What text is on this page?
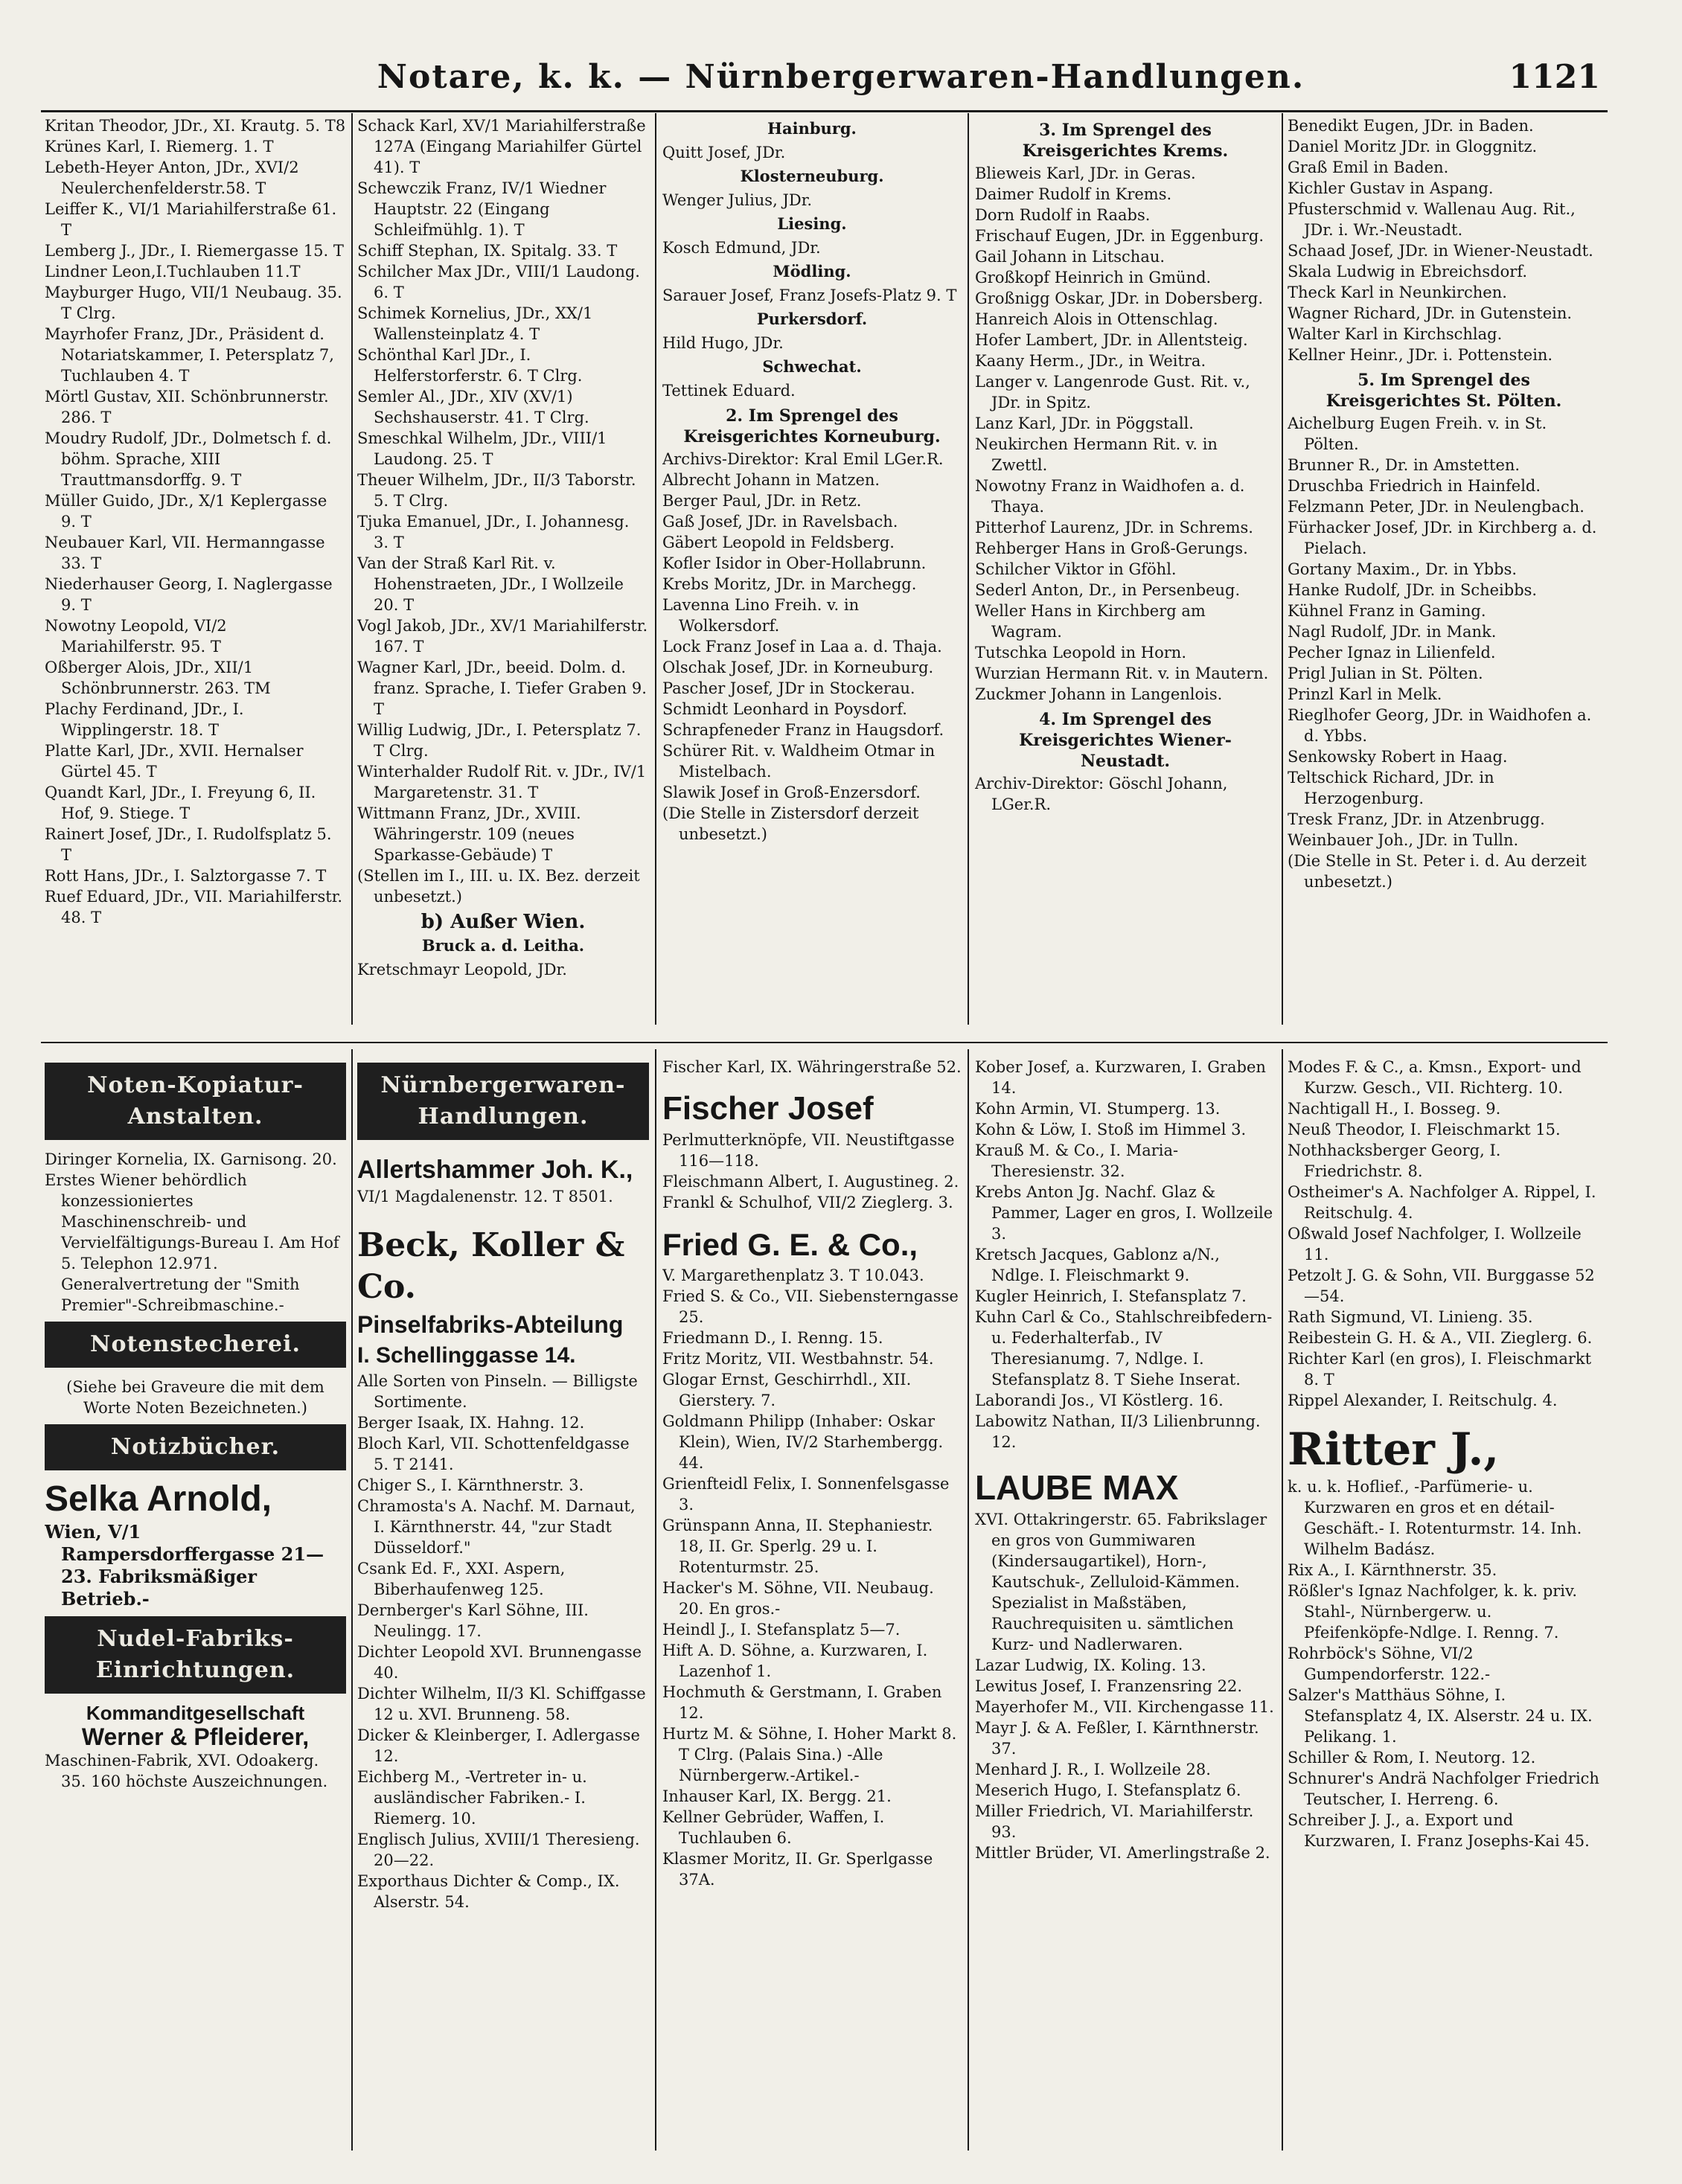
Notare, k. k. — Nürnbergerwaren-Handlungen.	1121

Kritan Theodor, JDr., XI. Krautg. 5. T8

Krünes Karl, I. Riemerg. 1. T

Lebeth-Heyer Anton, JDr., XVI/2 Neulerchenfelderstr.58. T

Leiffer K., VI/1 Mariahilferstraße 61. T

Lemberg J., JDr., I. Riemergasse 15. T

Lindner Leon,I.Tuchlauben 11.T

Mayburger Hugo, VII/1 Neubaug. 35. T Clrg.

Mayrhofer Franz, JDr., Präsident d. Notariatskammer, I. Petersplatz 7, Tuchlauben 4. T

Mörtl Gustav, XII. Schönbrunnerstr. 286. T

Moudry Rudolf, JDr., Dolmetsch f. d. böhm. Sprache, XIII Trauttmansdorffg. 9. T

Müller Guido, JDr., X/1 Keplergasse 9. T

Neubauer Karl, VII. Hermanngasse 33. T

Niederhauser Georg, I. Naglergasse 9. T

Nowotny Leopold, VI/2 Mariahilferstr. 95. T

Oßberger Alois, JDr., XII/1 Schönbrunnerstr. 263. TM

Plachy Ferdinand, JDr., I. Wipplingerstr. 18. T

Platte Karl, JDr., XVII. Hernalser Gürtel 45. T

Quandt Karl, JDr., I. Freyung 6, II. Hof, 9. Stiege. T

Rainert Josef, JDr., I. Rudolfsplatz 5. T

Rott Hans, JDr., I. Salztorgasse 7. T

Ruef Eduard, JDr., VII. Mariahilferstr. 48. T

Schack Karl, XV/1 Mariahilferstraße 127A (Eingang Mariahilfer Gürtel 41). T

Schewczik Franz, IV/1 Wiedner Hauptstr. 22 (Eingang Schleifmühlg. 1). T

Schiff Stephan, IX. Spitalg. 33. T

Schilcher Max JDr., VIII/1 Laudong. 6. T

Schimek Kornelius, JDr., XX/1 Wallensteinplatz 4. T

Schönthal Karl JDr., I. Helferstorferstr. 6. T Clrg.

Semler Al., JDr., XIV (XV/1) Sechshauserstr. 41. T Clrg.

Smeschkal Wilhelm, JDr., VIII/1 Laudong. 25. T

Theuer Wilhelm, JDr., II/3 Taborstr. 5. T Clrg.

Tjuka Emanuel, JDr., I. Johannesg. 3. T

Van der Straß Karl Rit. v. Hohenstraeten, JDr., I Wollzeile 20. T

Vogl Jakob, JDr., XV/1 Mariahilferstr. 167. T

Wagner Karl, JDr., beeid. Dolm. d. franz. Sprache, I. Tiefer Graben 9. T

Willig Ludwig, JDr., I. Petersplatz 7. T Clrg.

Winterhalder Rudolf Rit. v. JDr., IV/1 Margaretenstr. 31. T

Wittmann Franz, JDr., XVIII. Währingerstr. 109 (neues Sparkasse-Gebäude) T

(Stellen im I., III. u. IX. Bez. derzeit unbesetzt.)

b) Außer Wien.
Bruck a. d. Leitha.

Kretschmayr Leopold, JDr.

Hainburg.

Quitt Josef, JDr.

Klosterneuburg.

Wenger Julius, JDr.

Liesing.

Kosch Edmund, JDr.

Mödling.

Sarauer Josef, Franz Josefs-Platz 9. T

Purkersdorf.

Hild Hugo, JDr.

Schwechat.

Tettinek Eduard.

2. Im Sprengel des Kreisgerichtes Korneuburg.

Archivs-Direktor: Kral Emil LGer.R.

Albrecht Johann in Matzen.

Berger Paul, JDr. in Retz.

Gaß Josef, JDr. in Ravelsbach.

Gäbert Leopold in Feldsberg.

Kofler Isidor in Ober-Hollabrunn.

Krebs Moritz, JDr. in Marchegg.

Lavenna Lino Freih. v. in Wolkersdorf.

Lock Franz Josef in Laa a. d. Thaja.

Olschak Josef, JDr. in Korneuburg.

Pascher Josef, JDr in Stockerau.

Schmidt Leonhard in Poysdorf.

Schrapfeneder Franz in Haugsdorf.

Schürer Rit. v. Waldheim Otmar in Mistelbach.

Slawik Josef in Groß-Enzersdorf.

(Die Stelle in Zistersdorf derzeit unbesetzt.)

3. Im Sprengel des Kreisgerichtes Krems.

Blieweis Karl, JDr. in Geras.

Daimer Rudolf in Krems.

Dorn Rudolf in Raabs.

Frischauf Eugen, JDr. in Eggenburg.

Gail Johann in Litschau.

Großkopf Heinrich in Gmünd.

Großnigg Oskar, JDr. in Dobersberg.

Hanreich Alois in Ottenschlag.

Hofer Lambert, JDr. in Allentsteig.

Kaany Herm., JDr., in Weitra.

Langer v. Langenrode Gust. Rit. v., JDr. in Spitz.

Lanz Karl, JDr. in Pöggstall.

Neukirchen Hermann Rit. v. in Zwettl.

Nowotny Franz in Waidhofen a. d. Thaya.

Pitterhof Laurenz, JDr. in Schrems.

Rehberger Hans in Groß-Gerungs.

Schilcher Viktor in Gföhl.

Sederl Anton, Dr., in Persenbeug.

Weller Hans in Kirchberg am Wagram.

Tutschka Leopold in Horn.

Wurzian Hermann Rit. v. in Mautern.

Zuckmer Johann in Langenlois.

4. Im Sprengel des Kreisgerichtes Wiener-Neustadt.

Archiv-Direktor: Göschl Johann, LGer.R.

Benedikt Eugen, JDr. in Baden.

Daniel Moritz JDr. in Gloggnitz.

Graß Emil in Baden.

Kichler Gustav in Aspang.

Pfusterschmid v. Wallenau Aug. Rit., JDr. i. Wr.-Neustadt.

Schaad Josef, JDr. in Wiener-Neustadt.

Skala Ludwig in Ebreichsdorf.

Theck Karl in Neunkirchen.

Wagner Richard, JDr. in Gutenstein.

Walter Karl in Kirchschlag.

Kellner Heinr., JDr. i. Pottenstein.

5. Im Sprengel des Kreisgerichtes St. Pölten.

Aichelburg Eugen Freih. v. in St. Pölten.

Brunner R., Dr. in Amstetten.

Druschba Friedrich in Hainfeld.

Felzmann Peter, JDr. in Neulengbach.

Fürhacker Josef, JDr. in Kirchberg a. d. Pielach.

Gortany Maxim., Dr. in Ybbs.

Hanke Rudolf, JDr. in Scheibbs.

Kühnel Franz in Gaming.

Nagl Rudolf, JDr. in Mank.

Pecher Ignaz in Lilienfeld.

Prigl Julian in St. Pölten.

Prinzl Karl in Melk.

Rieglhofer Georg, JDr. in Waidhofen a. d. Ybbs.

Senkowsky Robert in Haag.

Teltschick Richard, JDr. in Herzogenburg.

Tresk Franz, JDr. in Atzenbrugg.

Weinbauer Joh., JDr. in Tulln.

(Die Stelle in St. Peter i. d. Au derzeit unbesetzt.)

Noten-Kopiatur-Anstalten.

Diringer Kornelia, IX. Garnisong. 20.

Erstes Wiener behördlich konzessioniertes Maschinenschreib- und Vervielfältigungs-Bureau I. Am Hof 5. Telephon 12.971. Generalvertretung der "Smith Premier"-Schreibmaschine.-

Notenstecherei.

(Siehe bei Graveure die mit dem Worte Noten Bezeichneten.)

Notizbücher.
Selka Arnold,

Wien, V/1 Rampersdorffergasse 21—23. Fabriksmäßiger Betrieb.-

Nudel-Fabriks-Einrichtungen.
Kommanditgesellschaft
Werner & Pfleiderer,

Maschinen-Fabrik, XVI. Odoakerg. 35. 160 höchste Auszeichnungen.

Nürnbergerwaren-Handlungen.
Allertshammer Joh. K.,

VI/1 Magdalenenstr. 12. T 8501.

Beck, Koller & Co.
Pinselfabriks-Abteilung
I. Schellinggasse 14.

Alle Sorten von Pinseln. — Billigste Sortimente.

Berger Isaak, IX. Hahng. 12.

Bloch Karl, VII. Schottenfeldgasse 5. T 2141.

Chiger S., I. Kärnthnerstr. 3.

Chramosta's A. Nachf. M. Darnaut, I. Kärnthnerstr. 44, "zur Stadt Düsseldorf."

Csank Ed. F., XXI. Aspern, Biberhaufenweg 125.

Dernberger's Karl Söhne, III. Neulingg. 17.

Dichter Leopold XVI. Brunnengasse 40.

Dichter Wilhelm, II/3 Kl. Schiffgasse 12 u. XVI. Brunneng. 58.

Dicker & Kleinberger, I. Adlergasse 12.

Eichberg M., -Vertreter in- u. ausländischer Fabriken.- I. Riemerg. 10.

Englisch Julius, XVIII/1 Theresieng. 20—22.

Exporthaus Dichter & Comp., IX. Alserstr. 54.

Fischer Karl, IX. Währingerstraße 52.

Fischer Josef

Perlmutterknöpfe, VII. Neustiftgasse 116—118.

Fleischmann Albert, I. Augustineg. 2.

Frankl & Schulhof, VII/2 Zieglerg. 3.

Fried G. E. & Co.,

V. Margarethenplatz 3. T 10.043.

Fried S. & Co., VII. Siebensterngasse 25.

Friedmann D., I. Renng. 15.

Fritz Moritz, VII. Westbahnstr. 54.

Glogar Ernst, Geschirrhdl., XII. Gierstery. 7.

Goldmann Philipp (Inhaber: Oskar Klein), Wien, IV/2 Starhembergg. 44.

Grienfteidl Felix, I. Sonnenfelsgasse 3.

Grünspann Anna, II. Stephaniestr. 18, II. Gr. Sperlg. 29 u. I. Rotenturmstr. 25.

Hacker's M. Söhne, VII. Neubaug. 20. En gros.-

Heindl J., I. Stefansplatz 5—7.

Hift A. D. Söhne, a. Kurzwaren, I. Lazenhof 1.

Hochmuth & Gerstmann, I. Graben 12.

Hurtz M. & Söhne, I. Hoher Markt 8. T Clrg. (Palais Sina.) -Alle Nürnbergerw.-Artikel.-

Inhauser Karl, IX. Bergg. 21.

Kellner Gebrüder, Waffen, I. Tuchlauben 6.

Klasmer Moritz, II. Gr. Sperlgasse 37A.

Kober Josef, a. Kurzwaren, I. Graben 14.

Kohn Armin, VI. Stumperg. 13.

Kohn & Löw, I. Stoß im Himmel 3.

Krauß M. & Co., I. Maria-Theresienstr. 32.

Krebs Anton Jg. Nachf. Glaz & Pammer, Lager en gros, I. Wollzeile 3.

Kretsch Jacques, Gablonz a/N., Ndlge. I. Fleischmarkt 9.

Kugler Heinrich, I. Stefansplatz 7.

Kuhn Carl & Co., Stahlschreibfedern- u. Federhalterfab., IV Theresianumg. 7, Ndlge. I. Stefansplatz 8. T Siehe Inserat.

Laborandi Jos., VI Köstlerg. 16.

Labowitz Nathan, II/3 Lilienbrunng. 12.

LAUBE MAX

XVI. Ottakringerstr. 65. Fabrikslager en gros von Gummiwaren (Kindersaugartikel), Horn-, Kautschuk-, Zelluloid-Kämmen. Spezialist in Maßstäben, Rauchrequisiten u. sämtlichen Kurz- und Nadlerwaren.

Lazar Ludwig, IX. Koling. 13.

Lewitus Josef, I. Franzensring 22.

Mayerhofer M., VII. Kirchengasse 11.

Mayr J. & A. Feßler, I. Kärnthnerstr. 37.

Menhard J. R., I. Wollzeile 28.

Meserich Hugo, I. Stefansplatz 6.

Miller Friedrich, VI. Mariahilferstr. 93.

Mittler Brüder, VI. Amerlingstraße 2.

Modes F. & C., a. Kmsn., Export- und Kurzw. Gesch., VII. Richterg. 10.

Nachtigall H., I. Bosseg. 9.

Neuß Theodor, I. Fleischmarkt 15.

Nothhacksberger Georg, I. Friedrichstr. 8.

Ostheimer's A. Nachfolger A. Rippel, I. Reitschulg. 4.

Oßwald Josef Nachfolger, I. Wollzeile 11.

Petzolt J. G. & Sohn, VII. Burggasse 52—54.

Rath Sigmund, VI. Linieng. 35.

Reibestein G. H. & A., VII. Zieglerg. 6.

Richter Karl (en gros), I. Fleischmarkt 8. T

Rippel Alexander, I. Reitschulg. 4.

Ritter J.,

k. u. k. Hoflief., -Parfümerie- u. Kurzwaren en gros et en détail-Geschäft.- I. Rotenturmstr. 14. Inh. Wilhelm Badász.

Rix A., I. Kärnthnerstr. 35.

Rößler's Ignaz Nachfolger, k. k. priv. Stahl-, Nürnbergerw. u. Pfeifenköpfe-Ndlge. I. Renng. 7.

Rohrböck's Söhne, VI/2 Gumpendorferstr. 122.-

Salzer's Matthäus Söhne, I. Stefansplatz 4, IX. Alserstr. 24 u. IX. Pelikang. 1.

Schiller & Rom, I. Neutorg. 12.

Schnurer's Andrä Nachfolger Friedrich Teutscher, I. Herreng. 6.

Schreiber J. J., a. Export und Kurzwaren, I. Franz Josephs-Kai 45.
